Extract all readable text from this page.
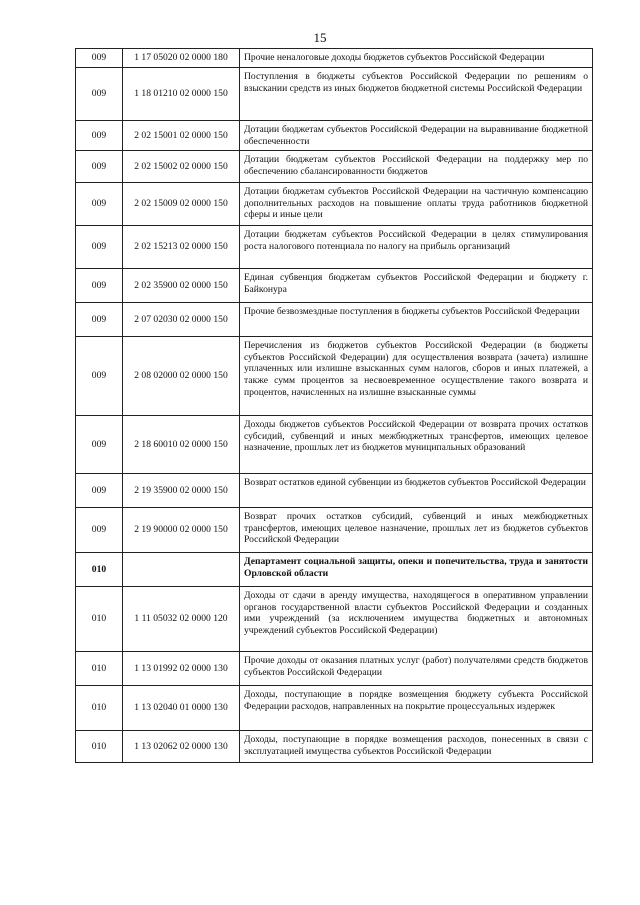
15
009	1 17 05020 02 0000 180	Прочие неналоговые доходы бюджетов субъектов Российской Федерации
009	1 18 01210 02 0000 150	Поступления в бюджеты субъектов Российской Федерации по решениям о взыскании средств из иных бюджетов бюджетной системы Российской Федерации
009	2 02 15001 02 0000 150	Дотации бюджетам субъектов Российской Федерации на выравнивание бюджетной обеспеченности
009	2 02 15002 02 0000 150	Дотации бюджетам субъектов Российской Федерации на поддержку мер по обеспечению сбалансированности бюджетов
009	2 02 15009 02 0000 150	Дотации бюджетам субъектов Российской Федерации на частичную компенсацию дополнительных расходов на повышение оплаты труда работников бюджетной сферы и иные цели
009	2 02 15213 02 0000 150	Дотации бюджетам субъектов Российской Федерации в целях стимулирования роста налогового потенциала по налогу на прибыль организаций
009	2 02 35900 02 0000 150	Единая субвенция бюджетам субъектов Российской Федерации и бюджету г. Байконура
009	2 07 02030 02 0000 150	Прочие безвозмездные поступления в бюджеты субъектов Российской Федерации
009	2 08 02000 02 0000 150	Перечисления из бюджетов субъектов Российской Федерации (в бюджеты субъектов Российской Федерации) для осуществления возврата (зачета) излишне уплаченных или излишне взысканных сумм налогов, сборов и иных платежей, а также сумм процентов за несвоевременное осуществление такого возврата и процентов, начисленных на излишне взысканные суммы
009	2 18 60010 02 0000 150	Доходы бюджетов субъектов Российской Федерации от возврата прочих остатков субсидий, субвенций и иных межбюджетных трансфертов, имеющих целевое назначение, прошлых лет из бюджетов муниципальных образований
009	2 19 35900 02 0000 150	Возврат остатков единой субвенции из бюджетов субъектов Российской Федерации
009	2 19 90000 02 0000 150	Возврат прочих остатков субсидий, субвенций и иных межбюджетных трансфертов, имеющих целевое назначение, прошлых лет из бюджетов субъектов Российской Федерации
010		Департамент социальной защиты, опеки и попечительства, труда и занятости Орловской области
010	1 11 05032 02 0000 120	Доходы от сдачи в аренду имущества, находящегося в оперативном управлении органов государственной власти субъектов Российской Федерации и созданных ими учреждений (за исключением имущества бюджетных и автономных учреждений субъектов Российской Федерации)
010	1 13 01992 02 0000 130	Прочие доходы от оказания платных услуг (работ) получателями средств бюджетов субъектов Российской Федерации
010	1 13 02040 01 0000 130	Доходы, поступающие в порядке возмещения бюджету субъекта Российской Федерации расходов, направленных на покрытие процессуальных издержек
010	1 13 02062 02 0000 130	Доходы, поступающие в порядке возмещения расходов, понесенных в связи с эксплуатацией имущества субъектов Российской Федерации
